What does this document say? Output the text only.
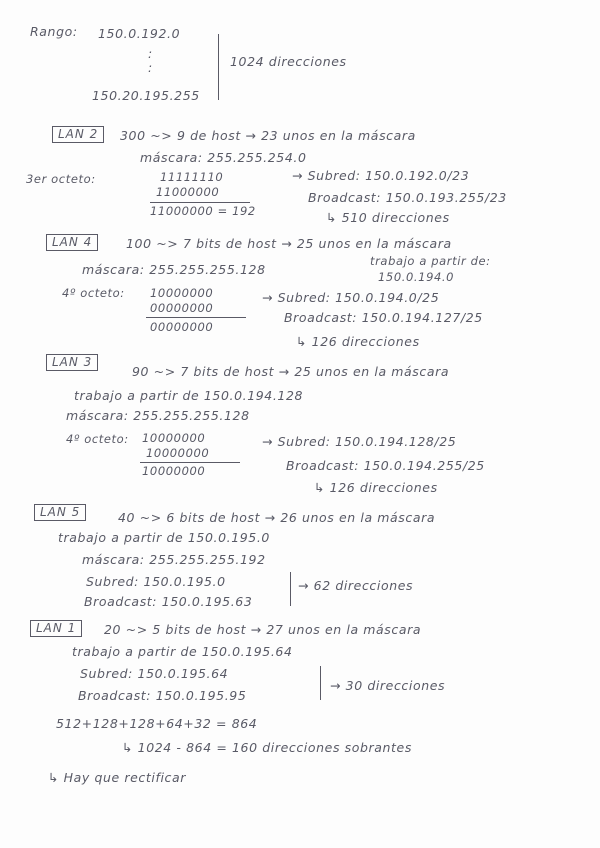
Rango: 150.0.192.0
:
:
150.20.195.255
1024 direcciones
LAN 2	300 ~> 9 de host → 23 unos en la máscara
máscara: 255.255.254.0
3er octeto:	11111110
11000000
11000000 = 192
→ Subred: 150.0.192.0/23
Broadcast: 150.0.193.255/23
↳ 510 direcciones
LAN 4	100 ~> 7 bits de host → 25 unos en la máscara
máscara: 255.255.255.128
trabajo a partir de:
150.0.194.0
4º octeto: 10000000
00000000
00000000
→ Subred: 150.0.194.0/25
Broadcast: 150.0.194.127/25
↳ 126 direcciones
LAN 3
90 ~> 7 bits de host → 25 unos en la máscara
trabajo a partir de 150.0.194.128
máscara: 255.255.255.128
4º octeto: 10000000
10000000
10000000
→ Subred: 150.0.194.128/25
Broadcast: 150.0.194.255/25
↳ 126 direcciones
LAN 5	40 ~> 6 bits de host → 26 unos en la máscara
trabajo a partir de 150.0.195.0
máscara: 255.255.255.192
Subred: 150.0.195.0
Broadcast: 150.0.195.63
→ 62 direcciones
LAN 1	20 ~> 5 bits de host → 27 unos en la máscara
trabajo a partir de 150.0.195.64
Subred: 150.0.195.64
Broadcast: 150.0.195.95
→ 30 direcciones
512+128+128+64+32 = 864
↳ 1024 - 864 = 160 direcciones sobrantes
↳ Hay que rectificar
